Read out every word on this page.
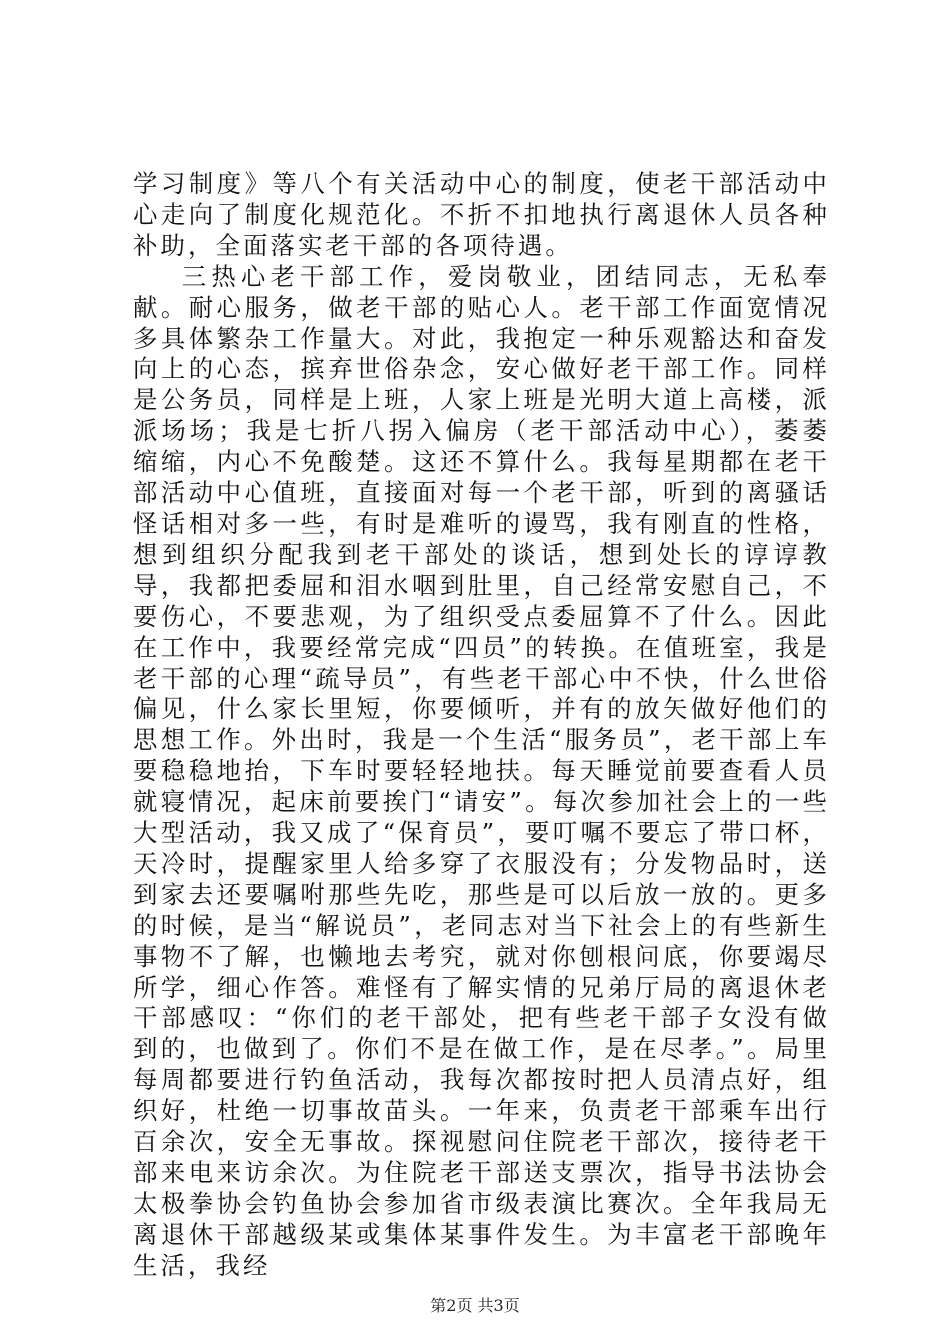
学习制度》等八个有关活动中心的制度，使老干部活动中心走向了制度化规范化。不折不扣地执行离退休人员各种补助，全面落实老干部的各项待遇。

三热心老干部工作，爱岗敬业，团结同志，无私奉献。耐心服务，做老干部的贴心人。老干部工作面宽情况多具体繁杂工作量大。对此，我抱定一种乐观豁达和奋发向上的心态，摈弃世俗杂念，安心做好老干部工作。同样是公务员，同样是上班，人家上班是光明大道上高楼，派派场场；我是七折八拐入偏房（老干部活动中心），萎萎缩缩，内心不免酸楚。这还不算什么。我每星期都在老干部活动中心值班，直接面对每一个老干部，听到的离骚话怪话相对多一些，有时是难听的谩骂，我有刚直的性格，想到组织分配我到老干部处的谈话，想到处长的谆谆教导，我都把委屈和泪水咽到肚里，自己经常安慰自己，不要伤心，不要悲观，为了组织受点委屈算不了什么。因此在工作中，我要经常完成“四员”的转换。在值班室，我是老干部的心理“疏导员”，有些老干部心中不快，什么世俗偏见，什么家长里短，你要倾听，并有的放矢做好他们的思想工作。外出时，我是一个生活“服务员”，老干部上车要稳稳地抬，下车时要轻轻地扶。每天睡觉前要查看人员就寝情况，起床前要挨门“请安”。每次参加社会上的一些大型活动，我又成了“保育员”，要叮嘱不要忘了带口杯，天冷时，提醒家里人给多穿了衣服没有；分发物品时，送到家去还要嘱咐那些先吃，那些是可以后放一放的。更多的时候，是当“解说员”，老同志对当下社会上的有些新生事物不了解，也懒地去考究，就对你刨根问底，你要竭尽所学，细心作答。难怪有了解实情的兄弟厅局的离退休老干部感叹：“你们的老干部处，把有些老干部子女没有做到的，也做到了。你们不是在做工作，是在尽孝。”。局里每周都要进行钓鱼活动，我每次都按时把人员清点好，组织好，杜绝一切事故苗头。一年来，负责老干部乘车出行百余次，安全无事故。探视慰问住院老干部次，接待老干部来电来访余次。为住院老干部送支票次，指导书法协会太极拳协会钓鱼协会参加省市级表演比赛次。全年我局无离退休干部越级某或集体某事件发生。为丰富老干部晚年生活，我经

第2页 共3页
